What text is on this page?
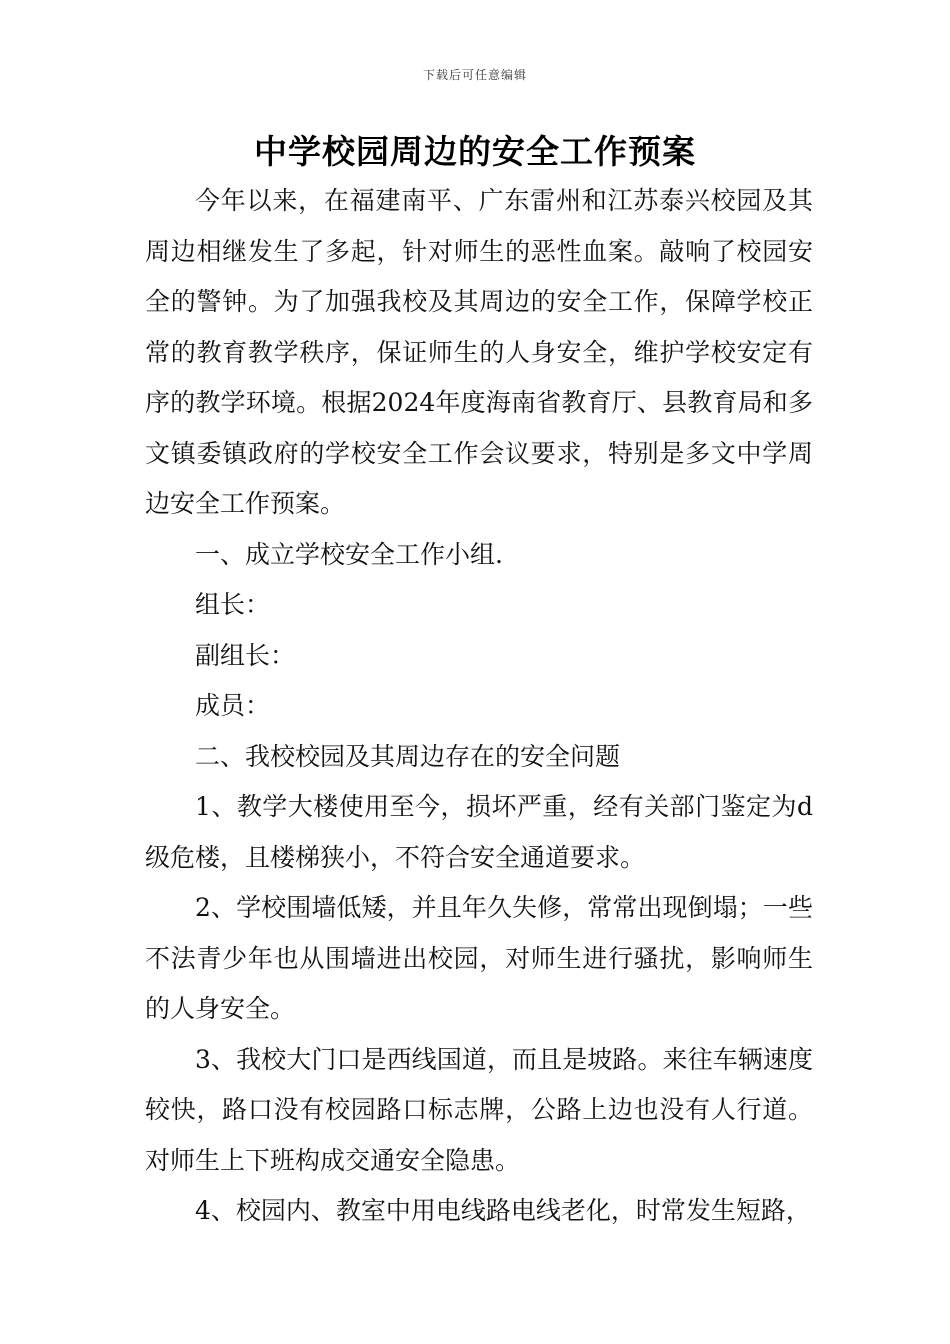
下载后可任意编辑
中学校园周边的安全工作预案

今年以来，在福建南平、广东雷州和江苏泰兴校园及其周边相继发生了多起，针对师生的恶性血案。敲响了校园安全的警钟。为了加强我校及其周边的安全工作，保障学校正常的教育教学秩序，保证师生的人身安全，维护学校安定有序的教学环境。根据2024年度海南省教育厅、县教育局和多文镇委镇政府的学校安全工作会议要求，特别是多文中学周边安全工作预案。

一、成立学校安全工作小组.

组长：

副组长：

成员：

二、我校校园及其周边存在的安全问题

1、教学大楼使用至今，损坏严重，经有关部门鉴定为d级危楼，且楼梯狭小，不符合安全通道要求。

2、学校围墙低矮，并且年久失修，常常出现倒塌；一些不法青少年也从围墙进出校园，对师生进行骚扰，影响师生的人身安全。

3、我校大门口是西线国道，而且是坡路。来往车辆速度较快，路口没有校园路口标志牌，公路上边也没有人行道。对师生上下班构成交通安全隐患。

4、校园内、教室中用电线路电线老化，时常发生短路，
